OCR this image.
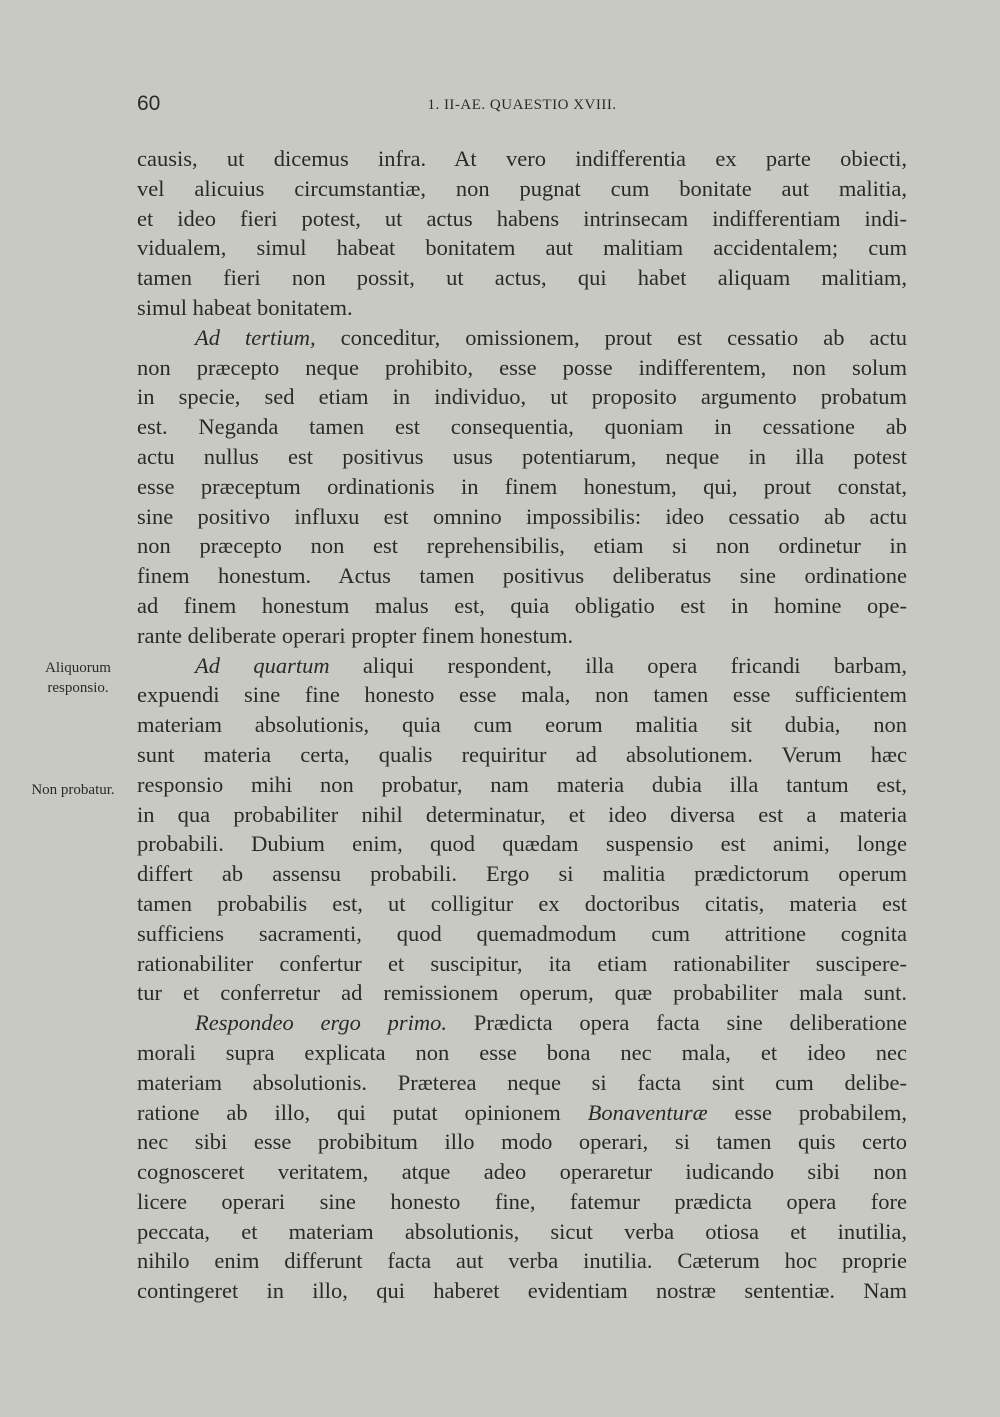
60	1. II-AE. QUAESTIO XVIII.
Aliquorum
responsio.
Non probatur.
causis, ut dicemus infra. At vero indifferentia ex parte obiecti,
vel alicuius circumstantiæ, non pugnat cum bonitate aut malitia,
et ideo fieri potest, ut actus habens intrinsecam indifferentiam indi-
vidualem, simul habeat bonitatem aut malitiam accidentalem; cum
tamen fieri non possit, ut actus, qui habet aliquam malitiam,
simul habeat bonitatem.
Ad tertium, conceditur, omissionem, prout est cessatio ab actu
non præcepto neque prohibito, esse posse indifferentem, non solum
in specie, sed etiam in individuo, ut proposito argumento probatum
est. Neganda tamen est consequentia, quoniam in cessatione ab
actu nullus est positivus usus potentiarum, neque in illa potest
esse præceptum ordinationis in finem honestum, qui, prout constat,
sine positivo influxu est omnino impossibilis: ideo cessatio ab actu
non præcepto non est reprehensibilis, etiam si non ordinetur in
finem honestum. Actus tamen positivus deliberatus sine ordinatione
ad finem honestum malus est, quia obligatio est in homine ope-
rante deliberate operari propter finem honestum.
Ad quartum aliqui respondent, illa opera fricandi barbam,
expuendi sine fine honesto esse mala, non tamen esse sufficientem
materiam absolutionis, quia cum eorum malitia sit dubia, non
sunt materia certa, qualis requiritur ad absolutionem. Verum hæc
responsio mihi non probatur, nam materia dubia illa tantum est,
in qua probabiliter nihil determinatur, et ideo diversa est a materia
probabili. Dubium enim, quod quædam suspensio est animi, longe
differt ab assensu probabili. Ergo si malitia prædictorum operum
tamen probabilis est, ut colligitur ex doctoribus citatis, materia est
sufficiens sacramenti, quod quemadmodum cum attritione cognita
rationabiliter confertur et suscipitur, ita etiam rationabiliter suscipere-
tur et conferretur ad remissionem operum, quæ probabiliter mala sunt.
Respondeo ergo primo. Prædicta opera facta sine deliberatione
morali supra explicata non esse bona nec mala, et ideo nec
materiam absolutionis. Præterea neque si facta sint cum delibe-
ratione ab illo, qui putat opinionem Bonaventuræ esse probabilem,
nec sibi esse probibitum illo modo operari, si tamen quis certo
cognosceret veritatem, atque adeo operaretur iudicando sibi non
licere operari sine honesto fine, fatemur prædicta opera fore
peccata, et materiam absolutionis, sicut verba otiosa et inutilia,
nihilo enim differunt facta aut verba inutilia. Cæterum hoc proprie
contingeret in illo, qui haberet evidentiam nostræ sententiæ. Nam
